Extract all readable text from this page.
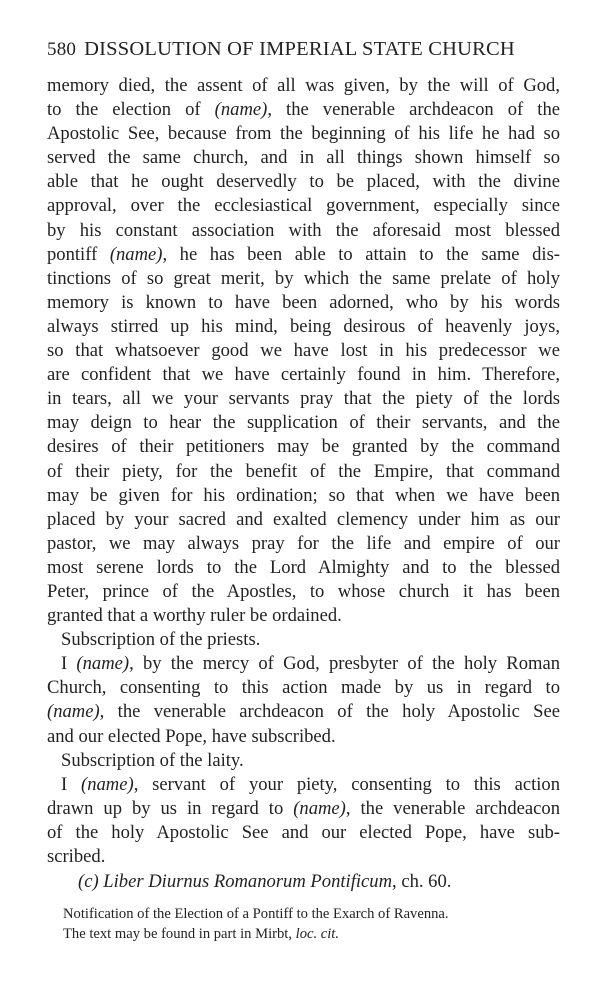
580 DISSOLUTION OF IMPERIAL STATE CHURCH
memory died, the assent of all was given, by the will of God,
to the election of (name), the venerable archdeacon of the
Apostolic See, because from the beginning of his life he had so
served the same church, and in all things shown himself so
able that he ought deservedly to be placed, with the divine
approval, over the ecclesiastical government, especially since
by his constant association with the aforesaid most blessed
pontiff (name), he has been able to attain to the same dis-
tinctions of so great merit, by which the same prelate of holy
memory is known to have been adorned, who by his words
always stirred up his mind, being desirous of heavenly joys,
so that whatsoever good we have lost in his predecessor we
are confident that we have certainly found in him. Therefore,
in tears, all we your servants pray that the piety of the lords
may deign to hear the supplication of their servants, and the
desires of their petitioners may be granted by the command
of their piety, for the benefit of the Empire, that command
may be given for his ordination; so that when we have been
placed by your sacred and exalted clemency under him as our
pastor, we may always pray for the life and empire of our
most serene lords to the Lord Almighty and to the blessed
Peter, prince of the Apostles, to whose church it has been
granted that a worthy ruler be ordained.
Subscription of the priests.
I (name), by the mercy of God, presbyter of the holy Roman
Church, consenting to this action made by us in regard to
(name), the venerable archdeacon of the holy Apostolic See
and our elected Pope, have subscribed.
Subscription of the laity.
I (name), servant of your piety, consenting to this action
drawn up by us in regard to (name), the venerable archdeacon
of the holy Apostolic See and our elected Pope, have sub-
scribed.
(c) Liber Diurnus Romanorum Pontificum, ch. 60.
Notification of the Election of a Pontiff to the Exarch of Ravenna.
The text may be found in part in Mirbt, loc. cit.
